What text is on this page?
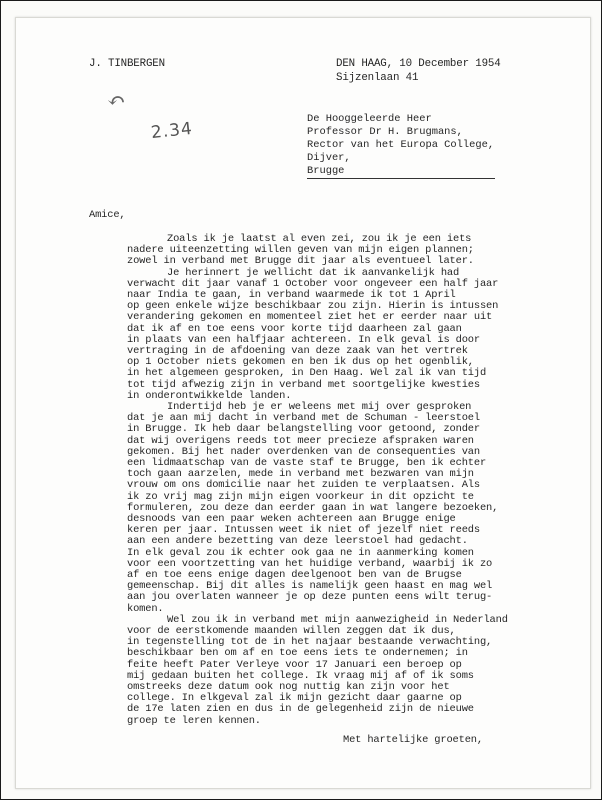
J. TINBERGEN	DEN HAAG, 10 December 1954
Sijzenlaan 41
↶
2.34	De Hooggeleerde Heer
Professor Dr H. Brugmans,
Rector van het Europa College,
Dijver,
Brugge
Amice,
Zoals ik je laatst al even zei, zou ik je een iets
nadere uiteenzetting willen geven van mijn eigen plannen;
zowel in verband met Brugge dit jaar als eventueel later.
Je herinnert je wellicht dat ik aanvankelijk had
verwacht dit jaar vanaf 1 October voor ongeveer een half jaar
naar India te gaan, in verband waarmede ik tot 1 April
op geen enkele wijze beschikbaar zou zijn. Hierin is intussen
verandering gekomen en momenteel ziet het er eerder naar uit
dat ik af en toe eens voor korte tijd daarheen zal gaan
in plaats van een halfjaar achtereen. In elk geval is door
vertraging in de afdoening van deze zaak van het vertrek
op 1 October niets gekomen en ben ik dus op het ogenblik,
in het algemeen gesproken, in Den Haag. Wel zal ik van tijd
tot tijd afwezig zijn in verband met soortgelijke kwesties
in onderontwikkelde landen.
Indertijd heb je er weleens met mij over gesproken
dat je aan mij dacht in verband met de Schuman - leerstoel
in Brugge. Ik heb daar belangstelling voor getoond, zonder
dat wij overigens reeds tot meer precieze afspraken waren
gekomen. Bij het nader overdenken van de consequenties van
een lidmaatschap van de vaste staf te Brugge, ben ik echter
toch gaan aarzelen, mede in verband met bezwaren van mijn
vrouw om ons domicilie naar het zuiden te verplaatsen. Als
ik zo vrij mag zijn mijn eigen voorkeur in dit opzicht te
formuleren, zou deze dan eerder gaan in wat langere bezoeken,
desnoods van een paar weken achtereen aan Brugge enige
keren per jaar. Intussen weet ik niet of jezelf niet reeds
aan een andere bezetting van deze leerstoel had gedacht.
In elk geval zou ik echter ook gaa ne in aanmerking komen
voor een voortzetting van het huidige verband, waarbij ik zo
af en toe eens enige dagen deelgenoot ben van de Brugse
gemeenschap. Bij dit alles is namelijk geen haast en mag wel
aan jou overlaten wanneer je op deze punten eens wilt terug-
komen.
Wel zou ik in verband met mijn aanwezigheid in Nederland
voor de eerstkomende maanden willen zeggen dat ik dus,
in tegenstelling tot de in het najaar bestaande verwachting,
beschikbaar ben om af en toe eens iets te ondernemen; in
feite heeft Pater Verleye voor 17 Januari een beroep op
mij gedaan buiten het college. Ik vraag mij af of ik soms
omstreeks deze datum ook nog nuttig kan zijn voor het
college. In elkgeval zal ik mijn gezicht daar gaarne op
de 17e laten zien en dus in de gelegenheid zijn de nieuwe
groep te leren kennen.
Met hartelijke groeten,
